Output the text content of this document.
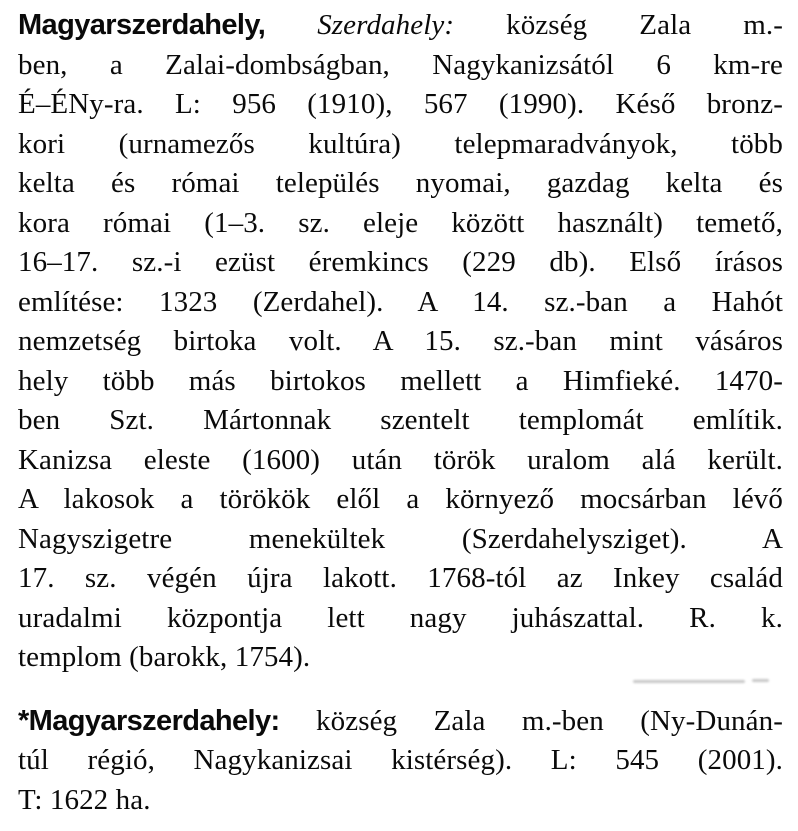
Magyarszerdahely, Szerdahely: község Zala m.-
ben, a Zalai-dombságban, Nagykanizsától 6 km-re
É–ÉNy-ra. L: 956 (1910), 567 (1990). Késő bronz-
kori (urnamezős kultúra) telepmaradványok, több
kelta és római település nyomai, gazdag kelta és
kora római (1–3. sz. eleje között használt) temető,
16–17. sz.-i ezüst éremkincs (229 db). Első írásos
említése: 1323 (Zerdahel). A 14. sz.-ban a Hahót
nemzetség birtoka volt. A 15. sz.-ban mint vásáros
hely több más birtokos mellett a Himfieké. 1470-
ben Szt. Mártonnak szentelt templomát említik.
Kanizsa eleste (1600) után török uralom alá került.
A lakosok a törökök elől a környező mocsárban lévő
Nagyszigetre menekültek (Szerdahelysziget). A
17. sz. végén újra lakott. 1768-tól az Inkey család
uradalmi központja lett nagy juhászattal. R. k.
templom (barokk, 1754).
*Magyarszerdahely: község Zala m.-ben (Ny-Dunán-
túl régió, Nagykanizsai kistérség). L: 545 (2001).
T: 1622 ha.
